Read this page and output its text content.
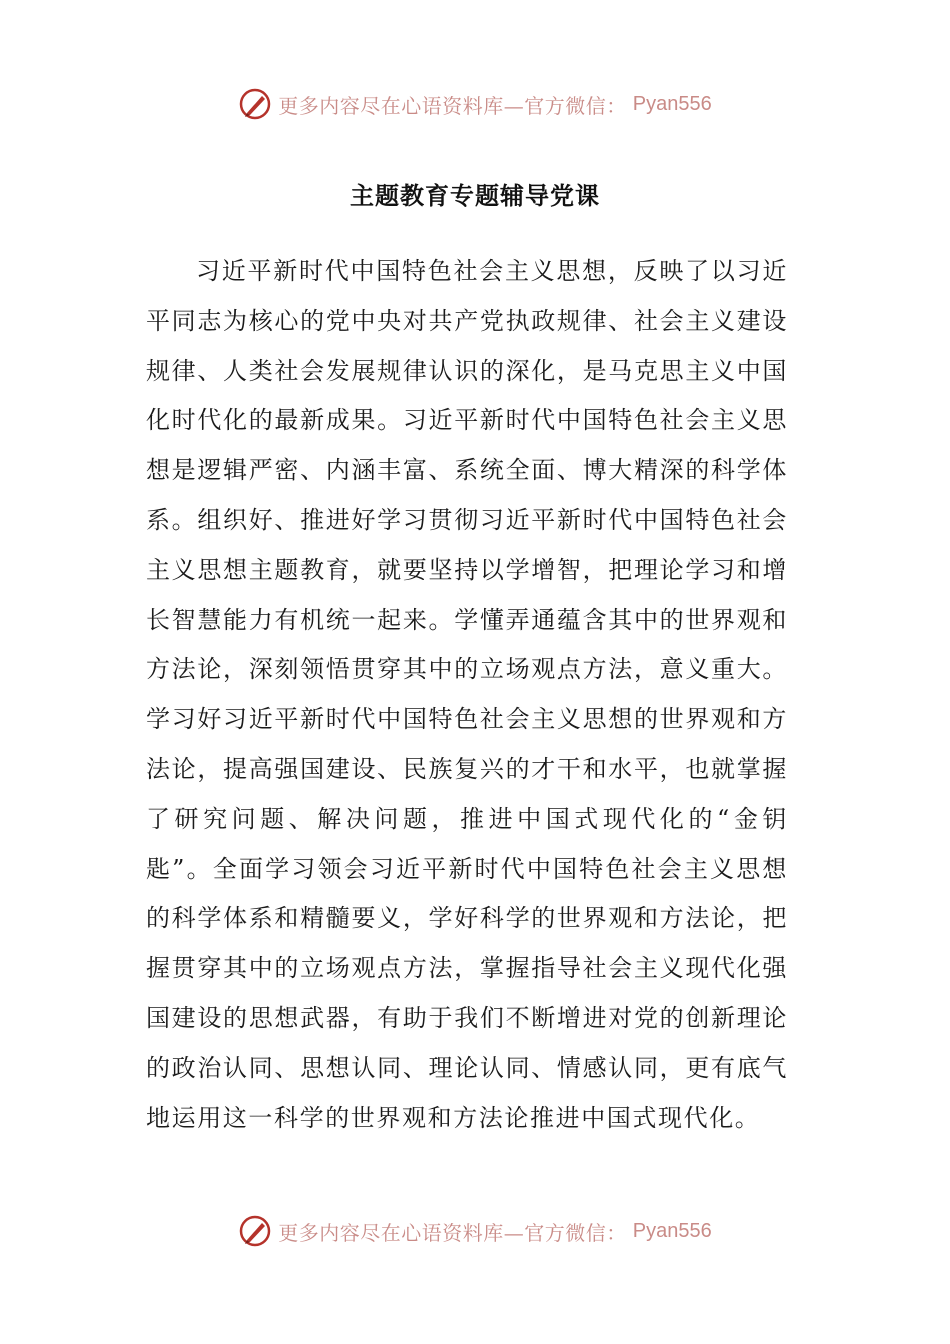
更多内容尽在心语资料库—官方微信： Pyan556
主题教育专题辅导党课

习近平新时代中国特色社会主义思想，反映了以习近平同志为核心的党中央对共产党执政规律、社会主义建设规律、人类社会发展规律认识的深化，是马克思主义中国化时代化的最新成果。习近平新时代中国特色社会主义思想是逻辑严密、内涵丰富、系统全面、博大精深的科学体系。组织好、推进好学习贯彻习近平新时代中国特色社会主义思想主题教育，就要坚持以学增智，把理论学习和增长智慧能力有机统一起来。学懂弄通蕴含其中的世界观和方法论，深刻领悟贯穿其中的立场观点方法，意义重大。学习好习近平新时代中国特色社会主义思想的世界观和方法论，提高强国建设、民族复兴的才干和水平，也就掌握了研究问题、解决问题，推进中国式现代化的“金钥匙”。全面学习领会习近平新时代中国特色社会主义思想的科学体系和精髓要义，学好科学的世界观和方法论，把握贯穿其中的立场观点方法，掌握指导社会主义现代化强国建设的思想武器，有助于我们不断增进对党的创新理论的政治认同、思想认同、理论认同、情感认同，更有底气地运用这一科学的世界观和方法论推进中国式现代化。

更多内容尽在心语资料库—官方微信： Pyan556
